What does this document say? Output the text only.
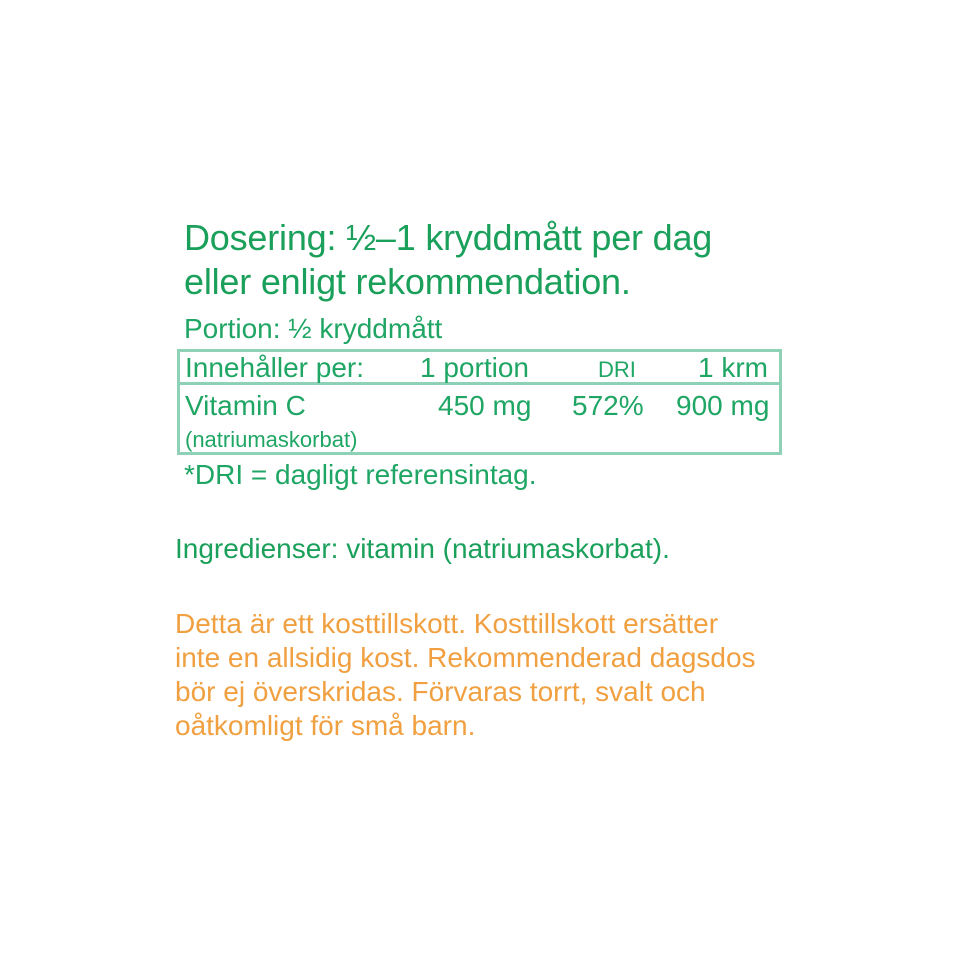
Dosering: ½–1 kryddmått per dag
eller enligt rekommendation.
Portion: ½ kryddmått
Innehåller per: 1 portion	DRI 1 krm
Vitamin C
(natriumaskorbat)
450 mg 572% 900 mg
*DRI = dagligt referensintag.
Ingredienser: vitamin (natriumaskorbat).
Detta är ett kosttillskott. Kosttillskott ersätter
inte en allsidig kost. Rekommenderad dagsdos
bör ej överskridas. Förvaras torrt, svalt och
oåtkomligt för små barn.
